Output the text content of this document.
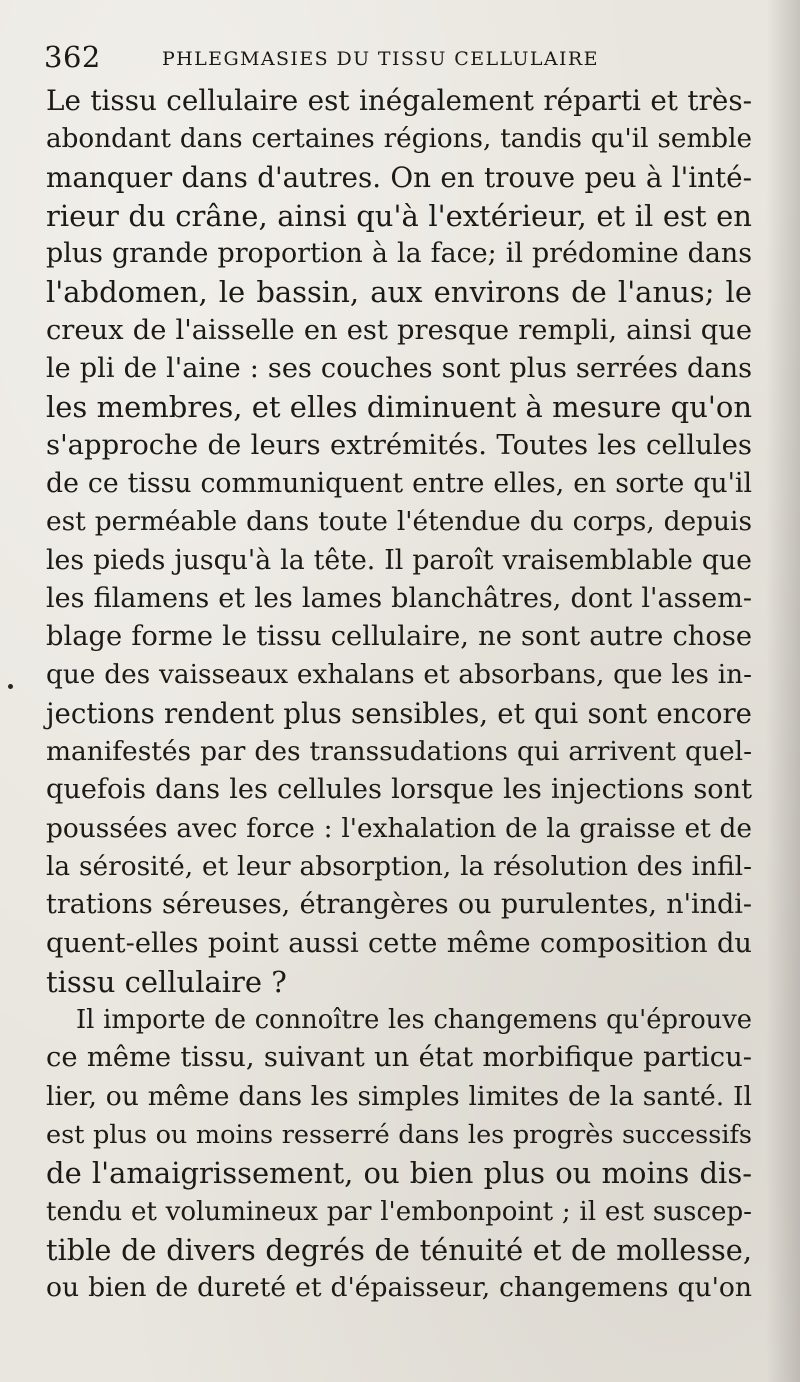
362	PHLEGMASIES DU TISSU CELLULAIRE
Le tissu cellulaire est inégalement réparti et très-
abondant dans certaines régions, tandis qu'il semble
manquer dans d'autres. On en trouve peu à l'inté-
rieur du crâne, ainsi qu'à l'extérieur, et il est en
plus grande proportion à la face; il prédomine dans
l'abdomen, le bassin, aux environs de l'anus; le
creux de l'aisselle en est presque rempli, ainsi que
le pli de l'aine : ses couches sont plus serrées dans
les membres, et elles diminuent à mesure qu'on
s'approche de leurs extrémités. Toutes les cellules
de ce tissu communiquent entre elles, en sorte qu'il
est perméable dans toute l'étendue du corps, depuis
les pieds jusqu'à la tête. Il paroît vraisemblable que
les filamens et les lames blanchâtres, dont l'assem-
blage forme le tissu cellulaire, ne sont autre chose
que des vaisseaux exhalans et absorbans, que les in-
jections rendent plus sensibles, et qui sont encore
manifestés par des transsudations qui arrivent quel-
quefois dans les cellules lorsque les injections sont
poussées avec force : l'exhalation de la graisse et de
la sérosité, et leur absorption, la résolution des infil-
trations séreuses, étrangères ou purulentes, n'indi-
quent-elles point aussi cette même composition du
tissu cellulaire ?
Il importe de connoître les changemens qu'éprouve
ce même tissu, suivant un état morbifique particu-
lier, ou même dans les simples limites de la santé. Il
est plus ou moins resserré dans les progrès successifs
de l'amaigrissement, ou bien plus ou moins dis-
tendu et volumineux par l'embonpoint ; il est suscep-
tible de divers degrés de ténuité et de mollesse,
ou bien de dureté et d'épaisseur, changemens qu'on
